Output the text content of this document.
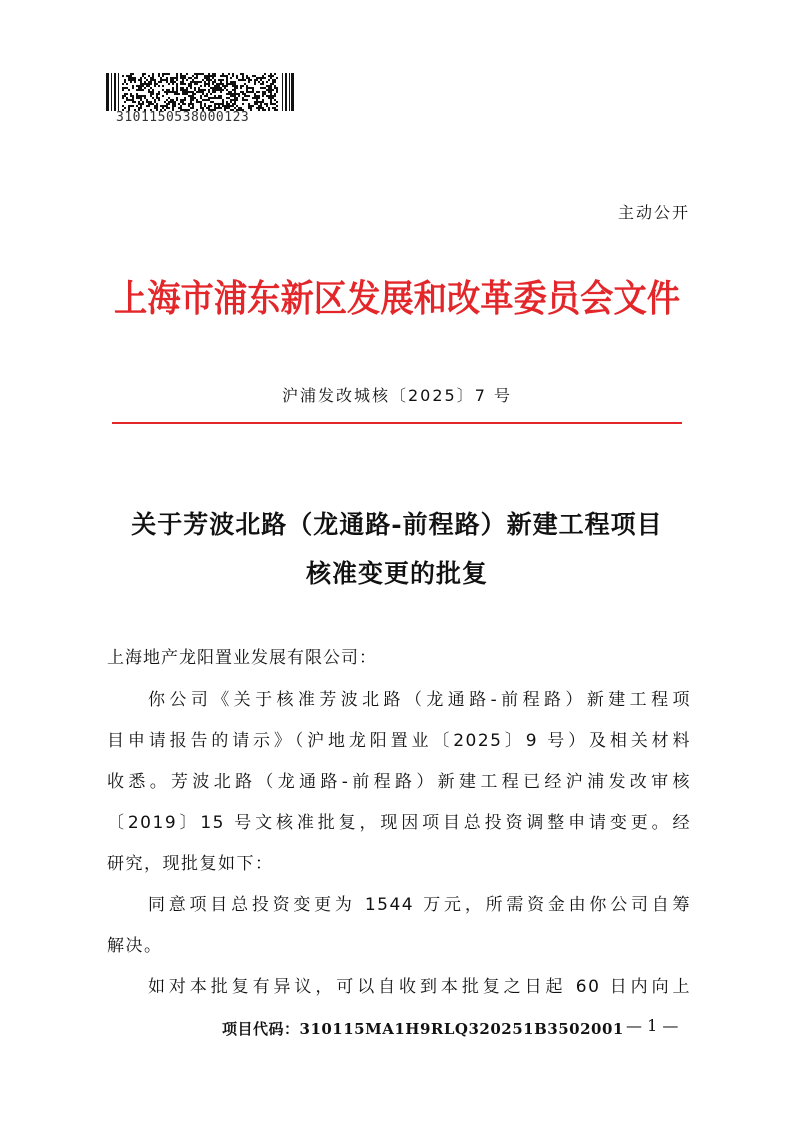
3101150538000123
主动公开
上海市浦东新区发展和改革委员会文件
沪浦发改城核〔2025〕7 号
关于芳波北路（龙通路-前程路）新建工程项目
核准变更的批复
上海地产龙阳置业发展有限公司：
你公司《关于核准芳波北路（龙通路-前程路）新建工程项
目申请报告的请示》（沪地龙阳置业〔2025〕9 号）及相关材料
收悉。芳波北路（龙通路-前程路）新建工程已经沪浦发改审核
〔2019〕15 号文核准批复，现因项目总投资调整申请变更。经
研究，现批复如下：
同意项目总投资变更为 1544 万元，所需资金由你公司自筹
解决。
如对本批复有异议，可以自收到本批复之日起 60 日内向上
项目代码：310115MA1H9RLQ320251B3502001 — 1 —
